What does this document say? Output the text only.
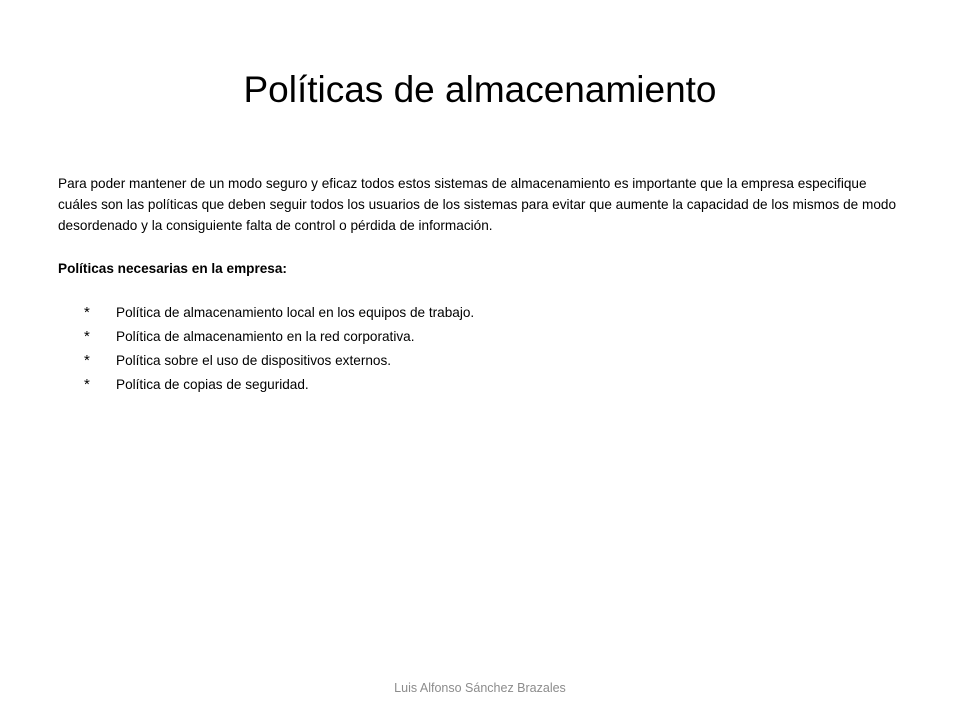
Políticas de almacenamiento

Para poder mantener de un modo seguro y eficaz todos estos sistemas de almacenamiento es importante que la empresa especifique cuáles son las políticas que deben seguir todos los usuarios de los sistemas para evitar que aumente la capacidad de los mismos de modo desordenado y la consiguiente falta de control o pérdida de información.

Políticas necesarias en la empresa:

*	Política de almacenamiento local en los equipos de trabajo.
*	Política de almacenamiento en la red corporativa.
*	Política sobre el uso de dispositivos externos.
*	Política de copias de seguridad.
Luis Alfonso Sánchez Brazales
